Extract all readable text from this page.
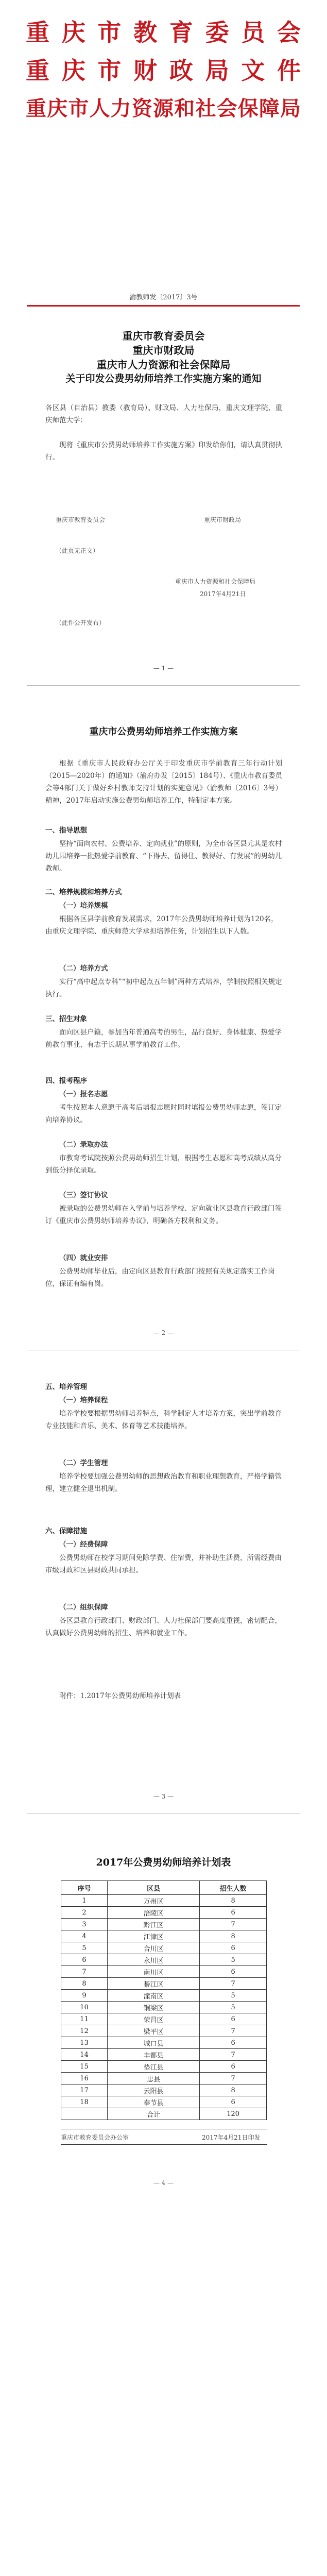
重庆市教育委员会
重庆市财政局文件
重庆市人力资源和社会保障局
渝教师发〔2017〕3号
重庆市教育委员会
重庆市财政局
重庆市人力资源和社会保障局
关于印发公费男幼师培养工作实施方案的通知
各区县（自治县）教委（教育局）、财政局、人力社保局，重庆文理学院、重庆师范大学：
现将《重庆市公费男幼师培养工作实施方案》印发给你们，请认真贯彻执行。
重庆市教育委员会	重庆市财政局
（此页无正文）
重庆市人力资源和社会保障局
2017年4月21日
（此件公开发布）
— 1 —
重庆市公费男幼师培养工作实施方案
根据《重庆市人民政府办公厅关于印发重庆市学前教育三年行动计划（2015—2020年）的通知》（渝府办发〔2015〕184号）、《重庆市教育委员会等4部门关于做好乡村教师支持计划的实施意见》（渝教师〔2016〕3号）精神，2017年启动实施公费男幼师培养工作，特制定本方案。
一、指导思想
坚持“面向农村、公费培养、定向就业”的原则，为全市各区县尤其是农村幼儿园培养一批热爱学前教育、“下得去、留得住、教得好、有发展”的男幼儿教师。
二、培养规模和培养方式
（一）培养规模
根据各区县学前教育发展需求，2017年公费男幼师培养计划为120名，由重庆文理学院、重庆师范大学承担培养任务，计划招生以下人数。
（二）培养方式
实行“高中起点专科”“初中起点五年制”两种方式培养，学制按照相关规定执行。
三、招生对象
面向区县户籍，参加当年普通高考的男生，品行良好、身体健康、热爱学前教育事业，有志于长期从事学前教育工作。
四、报考程序
（一）报名志愿
考生按照本人意愿于高考后填报志愿时同时填报公费男幼师志愿，签订定向培养协议。
（二）录取办法
市教育考试院按照公费男幼师招生计划，根据考生志愿和高考成绩从高分到低分择优录取。
（三）签订协议
被录取的公费男幼师在入学前与培养学校、定向就业区县教育行政部门签订《重庆市公费男幼师培养协议》，明确各方权利和义务。
（四）就业安排
公费男幼师毕业后，由定向区县教育行政部门按照有关规定落实工作岗位，保证有编有岗。
— 2 —
五、培养管理
（一）培养课程
培养学校要根据男幼师培养特点，科学制定人才培养方案，突出学前教育专业技能和音乐、美术、体育等艺术技能培养。
（二）学生管理
培养学校要加强公费男幼师的思想政治教育和职业理想教育，严格学籍管理，建立健全退出机制。
六、保障措施
（一）经费保障
公费男幼师在校学习期间免除学费、住宿费，并补助生活费，所需经费由市级财政和区县财政共同承担。
（二）组织保障
各区县教育行政部门、财政部门、人力社保部门要高度重视，密切配合，认真做好公费男幼师的招生、培养和就业工作。
附件：1.2017年公费男幼师培养计划表
— 3 —
2017年公费男幼师培养计划表
序号	区县	招生人数
1	万州区	8
2	涪陵区	6
3	黔江区	7
4	江津区	8
5	合川区	6
6	永川区	5
7	南川区	6
8	綦江区	7
9	潼南区	5
10	铜梁区	5
11	荣昌区	6
12	梁平区	7
13	城口县	6
14	丰都县	7
15	垫江县	6
16	忠县	7
17	云阳县	8
18	奉节县	6
	合计	120
重庆市教育委员会办公室	2017年4月21日印发
— 4 —
